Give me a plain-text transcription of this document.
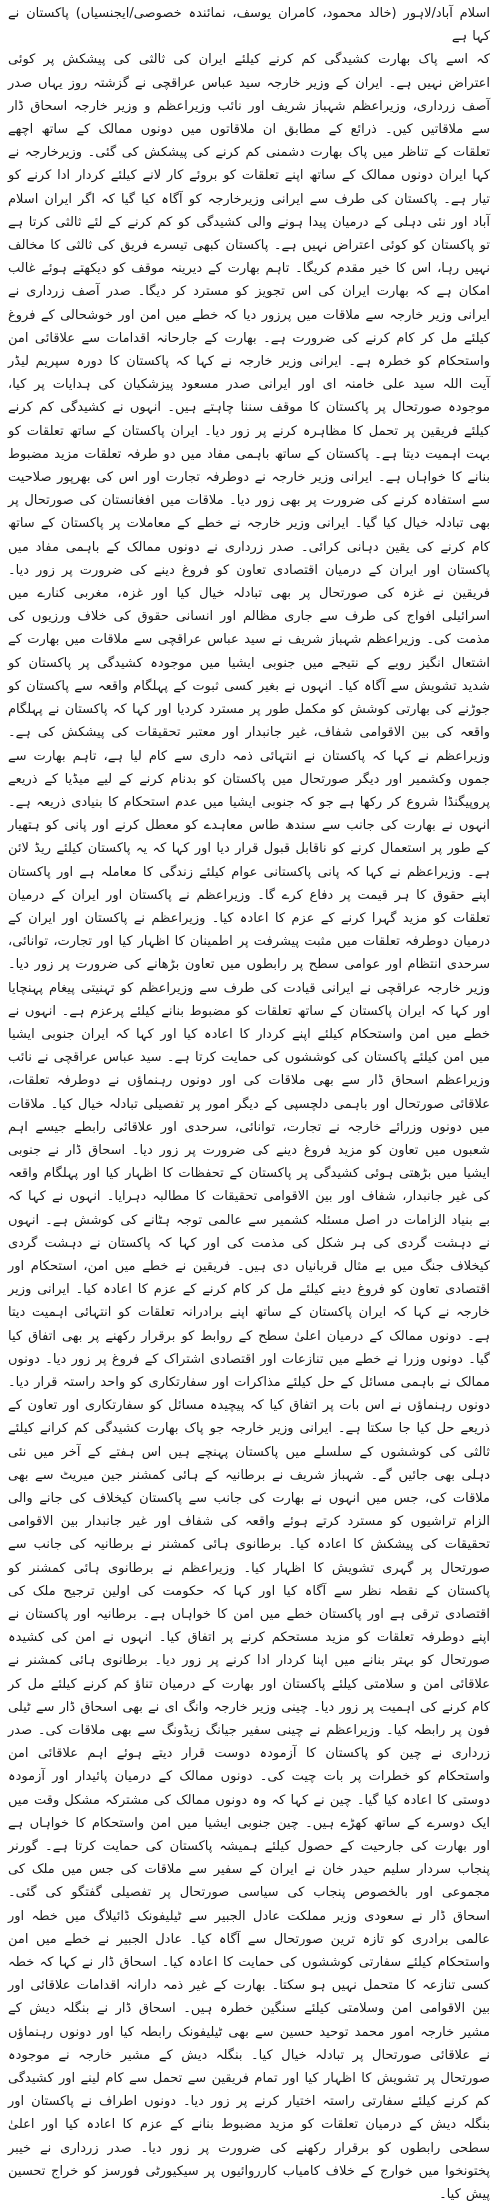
اسلام آباد/لاہور (خالد محمود، کامران یوسف، نمائندہ خصوصی/ایجنسیاں) پاکستان نے کہا ہے

کہ اسے پاک بھارت کشیدگی کم کرنے کیلئے ایران کی ثالثی کی پیشکش پر کوئی اعتراض نہیں ہے۔ ایران کے وزیر خارجہ سید عباس عراقچی نے گزشتہ روز یہاں صدر آصف زرداری، وزیراعظم شہباز شریف اور نائب وزیراعظم و وزیر خارجہ اسحاق ڈار سے ملاقاتیں کیں۔ ذرائع کے مطابق ان ملاقاتوں میں دونوں ممالک کے ساتھ اچھے تعلقات کے تناظر میں پاک بھارت دشمنی کم کرنے کی پیشکش کی گئی۔ وزیرخارجہ نے کہا ایران دونوں ممالک کے ساتھ اپنے تعلقات کو بروئے کار لانے کیلئے کردار ادا کرنے کو تیار ہے۔ پاکستان کی طرف سے ایرانی وزیرخارجہ کو آگاہ کیا گیا کہ اگر ایران اسلام آباد اور نئی دہلی کے درمیان پیدا ہونے والی کشیدگی کو کم کرنے کے لئے ثالثی کرتا ہے تو پاکستان کو کوئی اعتراض نہیں ہے۔ پاکستان کبھی تیسرے فریق کی ثالثی کا مخالف نہیں رہا، اس کا خیر مقدم کریگا۔ تاہم بھارت کے دیرینہ موقف کو دیکھتے ہوئے غالب امکان ہے کہ بھارت ایران کی اس تجویز کو مسترد کر دیگا۔ صدر آصف زرداری نے ایرانی وزیر خارجہ سے ملاقات میں پرزور دیا کہ خطے میں امن اور خوشحالی کے فروغ کیلئے مل کر کام کرنے کی ضرورت ہے۔ بھارت کے جارحانہ اقدامات سے علاقائی امن واستحکام کو خطرہ ہے۔ ایرانی وزیر خارجہ نے کہا کہ پاکستان کا دورہ سپریم لیڈر آیت اللہ سید علی خامنہ ای اور ایرانی صدر مسعود پیزشکیان کی ہدایات پر کیا، موجودہ صورتحال پر پاکستان کا موقف سننا چاہتے ہیں۔ انہوں نے کشیدگی کم کرنے کیلئے فریقین پر تحمل کا مظاہرہ کرنے پر زور دیا۔ ایران پاکستان کے ساتھ تعلقات کو بہت اہمیت دیتا ہے۔ پاکستان کے ساتھ باہمی مفاد میں دو طرفہ تعلقات مزید مضبوط بنانے کا خواہاں ہے۔ ایرانی وزیر خارجہ نے دوطرفہ تجارت اور اس کی بھرپور صلاحیت سے استفادہ کرنے کی ضرورت پر بھی زور دیا۔ ملاقات میں افغانستان کی صورتحال پر بھی تبادلہ خیال کیا گیا۔ ایرانی وزیر خارجہ نے خطے کے معاملات پر پاکستان کے ساتھ کام کرنے کی یقین دہانی کرائی۔ صدر زرداری نے دونوں ممالک کے باہمی مفاد میں پاکستان اور ایران کے درمیان اقتصادی تعاون کو فروغ دینے کی ضرورت پر زور دیا۔ فریقین نے غزہ کی صورتحال پر بھی تبادلہ خیال کیا اور غزہ، مغربی کنارے میں اسرائیلی افواج کی طرف سے جاری مظالم اور انسانی حقوق کی خلاف ورزیوں کی مذمت کی۔ وزیراعظم شہباز شریف نے سید عباس عراقچی سے ملاقات میں بھارت کے اشتعال انگیز رویے کے نتیجے میں جنوبی ایشیا میں موجودہ کشیدگی پر پاکستان کو شدید تشویش سے آگاہ کیا۔ انہوں نے بغیر کسی ثبوت کے پہلگام واقعہ سے پاکستان کو جوڑنے کی بھارتی کوشش کو مکمل طور پر مسترد کردیا اور کہا کہ پاکستان نے پہلگام واقعہ کی بین الاقوامی شفاف، غیر جانبدار اور معتبر تحقیقات کی پیشکش کی ہے۔ وزیراعظم نے کہا کہ پاکستان نے انتہائی ذمہ داری سے کام لیا ہے، تاہم بھارت سے جموں وکشمیر اور دیگر صورتحال میں پاکستان کو بدنام کرنے کے لیے میڈیا کے ذریعے پروپیگنڈا شروع کر رکھا ہے جو کہ جنوبی ایشیا میں عدم استحکام کا بنیادی ذریعہ ہے۔ انہوں نے بھارت کی جانب سے سندھ طاس معاہدے کو معطل کرنے اور پانی کو ہتھیار کے طور پر استعمال کرنے کو ناقابل قبول قرار دیا اور کہا کہ یہ پاکستان کیلئے ریڈ لائن ہے۔ وزیراعظم نے کہا کہ پانی پاکستانی عوام کیلئے زندگی کا معاملہ ہے اور پاکستان اپنے حقوق کا ہر قیمت پر دفاع کرے گا۔ وزیراعظم نے پاکستان اور ایران کے درمیان تعلقات کو مزید گہرا کرنے کے عزم کا اعادہ کیا۔ وزیراعظم نے پاکستان اور ایران کے درمیان دوطرفہ تعلقات میں مثبت پیشرفت پر اطمینان کا اظہار کیا اور تجارت، توانائی، سرحدی انتظام اور عوامی سطح پر رابطوں میں تعاون بڑھانے کی ضرورت پر زور دیا۔ وزیر خارجہ عراقچی نے ایرانی قیادت کی طرف سے وزیراعظم کو تہنیتی پیغام پہنچایا اور کہا کہ ایران پاکستان کے ساتھ تعلقات کو مضبوط بنانے کیلئے پرعزم ہے۔ انہوں نے خطے میں امن واستحکام کیلئے اپنے کردار کا اعادہ کیا اور کہا کہ ایران جنوبی ایشیا میں امن کیلئے پاکستان کی کوششوں کی حمایت کرتا ہے۔ سید عباس عراقچی نے نائب وزیراعظم اسحاق ڈار سے بھی ملاقات کی اور دونوں رہنماؤں نے دوطرفہ تعلقات، علاقائی صورتحال اور باہمی دلچسپی کے دیگر امور پر تفصیلی تبادلہ خیال کیا۔ ملاقات میں دونوں وزرائے خارجہ نے تجارت، توانائی، سرحدی اور علاقائی رابطے جیسے اہم شعبوں میں تعاون کو مزید فروغ دینے کی ضرورت پر زور دیا۔ اسحاق ڈار نے جنوبی ایشیا میں بڑھتی ہوئی کشیدگی پر پاکستان کے تحفظات کا اظہار کیا اور پہلگام واقعہ کی غیر جانبدار، شفاف اور بین الاقوامی تحقیقات کا مطالبہ دہرایا۔ انہوں نے کہا کہ بے بنیاد الزامات در اصل مسئلہ کشمیر سے عالمی توجہ ہٹانے کی کوشش ہے۔ انہوں نے دہشت گردی کی ہر شکل کی مذمت کی اور کہا کہ پاکستان نے دہشت گردی کیخلاف جنگ میں بے مثال قربانیاں دی ہیں۔ فریقین نے خطے میں امن، استحکام اور اقتصادی تعاون کو فروغ دینے کیلئے مل کر کام کرنے کے عزم کا اعادہ کیا۔ ایرانی وزیر خارجہ نے کہا کہ ایران پاکستان کے ساتھ اپنے برادرانہ تعلقات کو انتہائی اہمیت دیتا ہے۔ دونوں ممالک کے درمیان اعلیٰ سطح کے روابط کو برقرار رکھنے پر بھی اتفاق کیا گیا۔ دونوں وزرا نے خطے میں تنازعات اور اقتصادی اشتراک کے فروغ پر زور دیا۔ دونوں ممالک نے باہمی مسائل کے حل کیلئے مذاکرات اور سفارتکاری کو واحد راستہ قرار دیا۔ دونوں رہنماؤں نے اس بات پر اتفاق کیا کہ پیچیدہ مسائل کو سفارتکاری اور تعاون کے ذریعے حل کیا جا سکتا ہے۔ ایرانی وزیر خارجہ جو پاک بھارت کشیدگی کم کرانے کیلئے ثالثی کی کوششوں کے سلسلے میں پاکستان پہنچے ہیں اس ہفتے کے آخر میں نئی دہلی بھی جائیں گے۔ شہباز شریف نے برطانیہ کے ہائی کمشنر جین میریٹ سے بھی ملاقات کی، جس میں انہوں نے بھارت کی جانب سے پاکستان کیخلاف کی جانے والی الزام تراشیوں کو مسترد کرتے ہوئے واقعہ کی شفاف اور غیر جانبدار بین الاقوامی تحقیقات کی پیشکش کا اعادہ کیا۔ برطانوی ہائی کمشنر نے برطانیہ کی جانب سے صورتحال پر گہری تشویش کا اظہار کیا۔ وزیراعظم نے برطانوی ہائی کمشنر کو پاکستان کے نقطہ نظر سے آگاہ کیا اور کہا کہ حکومت کی اولین ترجیح ملک کی اقتصادی ترقی ہے اور پاکستان خطے میں امن کا خواہاں ہے۔ برطانیہ اور پاکستان نے اپنے دوطرفہ تعلقات کو مزید مستحکم کرنے پر اتفاق کیا۔ انہوں نے امن کی کشیدہ صورتحال کو بہتر بنانے میں اپنا کردار ادا کرنے پر زور دیا۔ برطانوی ہائی کمشنر نے علاقائی امن و سلامتی کیلئے پاکستان اور بھارت کے درمیان تناؤ کم کرنے کیلئے مل کر کام کرنے کی اہمیت پر زور دیا۔ چینی وزیر خارجہ وانگ ای نے بھی اسحاق ڈار سے ٹیلی فون پر رابطہ کیا۔ وزیراعظم نے چینی سفیر جیانگ زیڈونگ سے بھی ملاقات کی۔ صدر زرداری نے چین کو پاکستان کا آزمودہ دوست قرار دیتے ہوئے اہم علاقائی امن واستحکام کو خطرات پر بات چیت کی۔ دونوں ممالک کے درمیان پائیدار اور آزمودہ دوستی کا اعادہ کیا گیا۔ چین نے کہا کہ وہ دونوں ممالک کی مشترکہ مشکل وقت میں ایک دوسرے کے ساتھ کھڑے ہیں۔ چین جنوبی ایشیا میں امن واستحکام کا خواہاں ہے اور بھارت کی جارحیت کے حصول کیلئے ہمیشہ پاکستان کی حمایت کرتا ہے۔ گورنر پنجاب سردار سلیم حیدر خان نے ایران کے سفیر سے ملاقات کی جس میں ملک کی مجموعی اور بالخصوص پنجاب کی سیاسی صورتحال پر تفصیلی گفتگو کی گئی۔ اسحاق ڈار نے سعودی وزیر مملکت عادل الجبیر سے ٹیلیفونک ڈائیلاگ میں خطہ اور عالمی برادری کو تازہ ترین صورتحال سے آگاہ کیا۔ عادل الجبیر نے خطے میں امن واستحکام کیلئے سفارتی کوششوں کی حمایت کا اعادہ کیا۔ اسحاق ڈار نے کہا کہ خطہ کسی تنازعہ کا متحمل نہیں ہو سکتا۔ بھارت کے غیر ذمہ دارانہ اقدامات علاقائی اور بین الاقوامی امن وسلامتی کیلئے سنگین خطرہ ہیں۔ اسحاق ڈار نے بنگلہ دیش کے مشیر خارجہ امور محمد توحید حسین سے بھی ٹیلیفونک رابطہ کیا اور دونوں رہنماؤں نے علاقائی صورتحال پر تبادلہ خیال کیا۔ بنگلہ دیش کے مشیر خارجہ نے موجودہ صورتحال پر تشویش کا اظہار کیا اور تمام فریقین سے تحمل سے کام لینے اور کشیدگی کم کرنے کیلئے سفارتی راستہ اختیار کرنے پر زور دیا۔ دونوں اطراف نے پاکستان اور بنگلہ دیش کے درمیان تعلقات کو مزید مضبوط بنانے کے عزم کا اعادہ کیا اور اعلیٰ سطحی رابطوں کو برقرار رکھنے کی ضرورت پر زور دیا۔ صدر زرداری نے خیبر پختونخوا میں خوارج کے خلاف کامیاب کارروائیوں پر سیکیورٹی فورسز کو خراج تحسین پیش کیا۔
